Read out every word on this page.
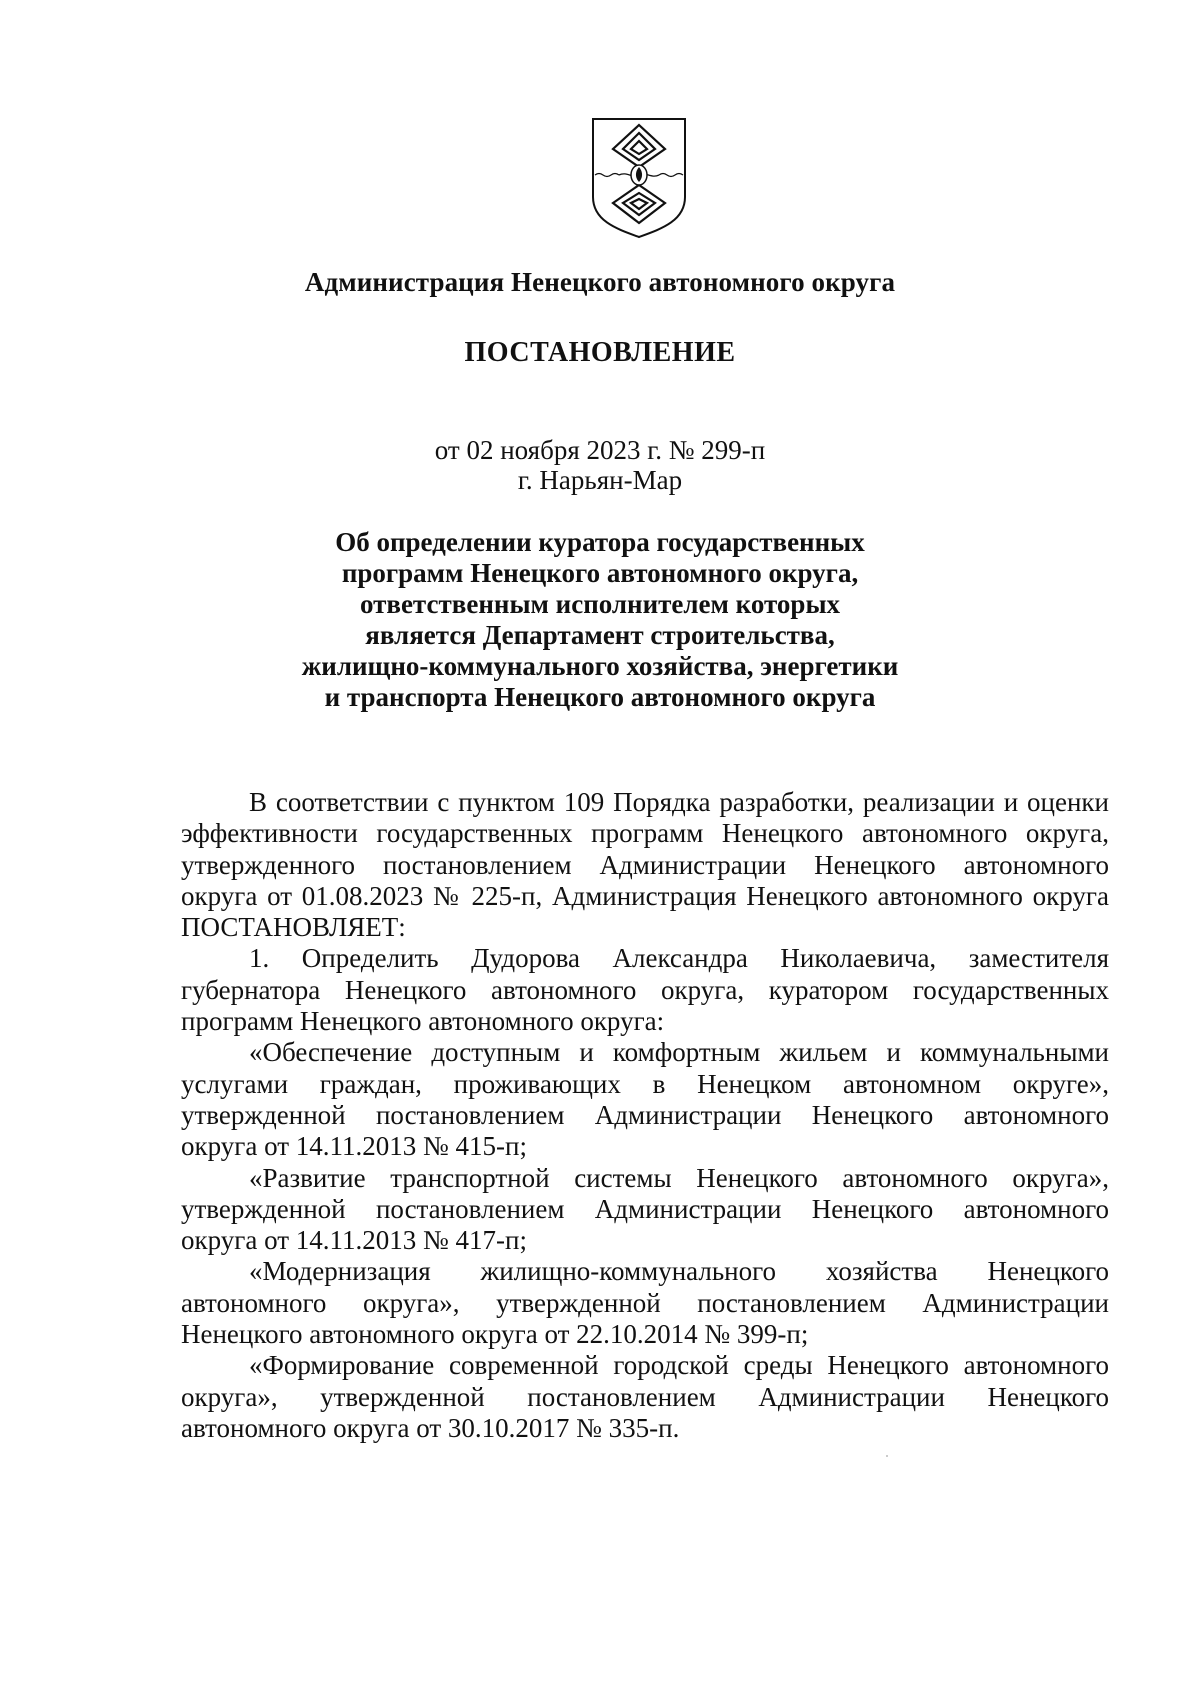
Администрация Ненецкого автономного округа
ПОСТАНОВЛЕНИЕ
от 02 ноября 2023 г. № 299-п
г. Нарьян-Мар
Об определении куратора государственных
программ Ненецкого автономного округа,
ответственным исполнителем которых
является Департамент строительства,
жилищно-коммунального хозяйства, энергетики
и транспорта Ненецкого автономного округа
В соответствии с пунктом 109 Порядка разработки, реализации и оценки
эффективности государственных программ Ненецкого автономного округа,
утвержденного постановлением Администрации Ненецкого автономного
округа от 01.08.2023 № 225-п, Администрация Ненецкого автономного округа
ПОСТАНОВЛЯЕТ:
1. Определить Дудорова Александра Николаевича, заместителя
губернатора Ненецкого автономного округа, куратором государственных
программ Ненецкого автономного округа:
«Обеспечение доступным и комфортным жильем и коммунальными
услугами граждан, проживающих в Ненецком автономном округе»,
утвержденной постановлением Администрации Ненецкого автономного
округа от 14.11.2013 № 415-п;
«Развитие транспортной системы Ненецкого автономного округа»,
утвержденной постановлением Администрации Ненецкого автономного
округа от 14.11.2013 № 417-п;
«Модернизация жилищно-коммунального хозяйства Ненецкого
автономного округа», утвержденной постановлением Администрации
Ненецкого автономного округа от 22.10.2014 № 399-п;
«Формирование современной городской среды Ненецкого автономного
округа», утвержденной постановлением Администрации Ненецкого
автономного округа от 30.10.2017 № 335-п.
